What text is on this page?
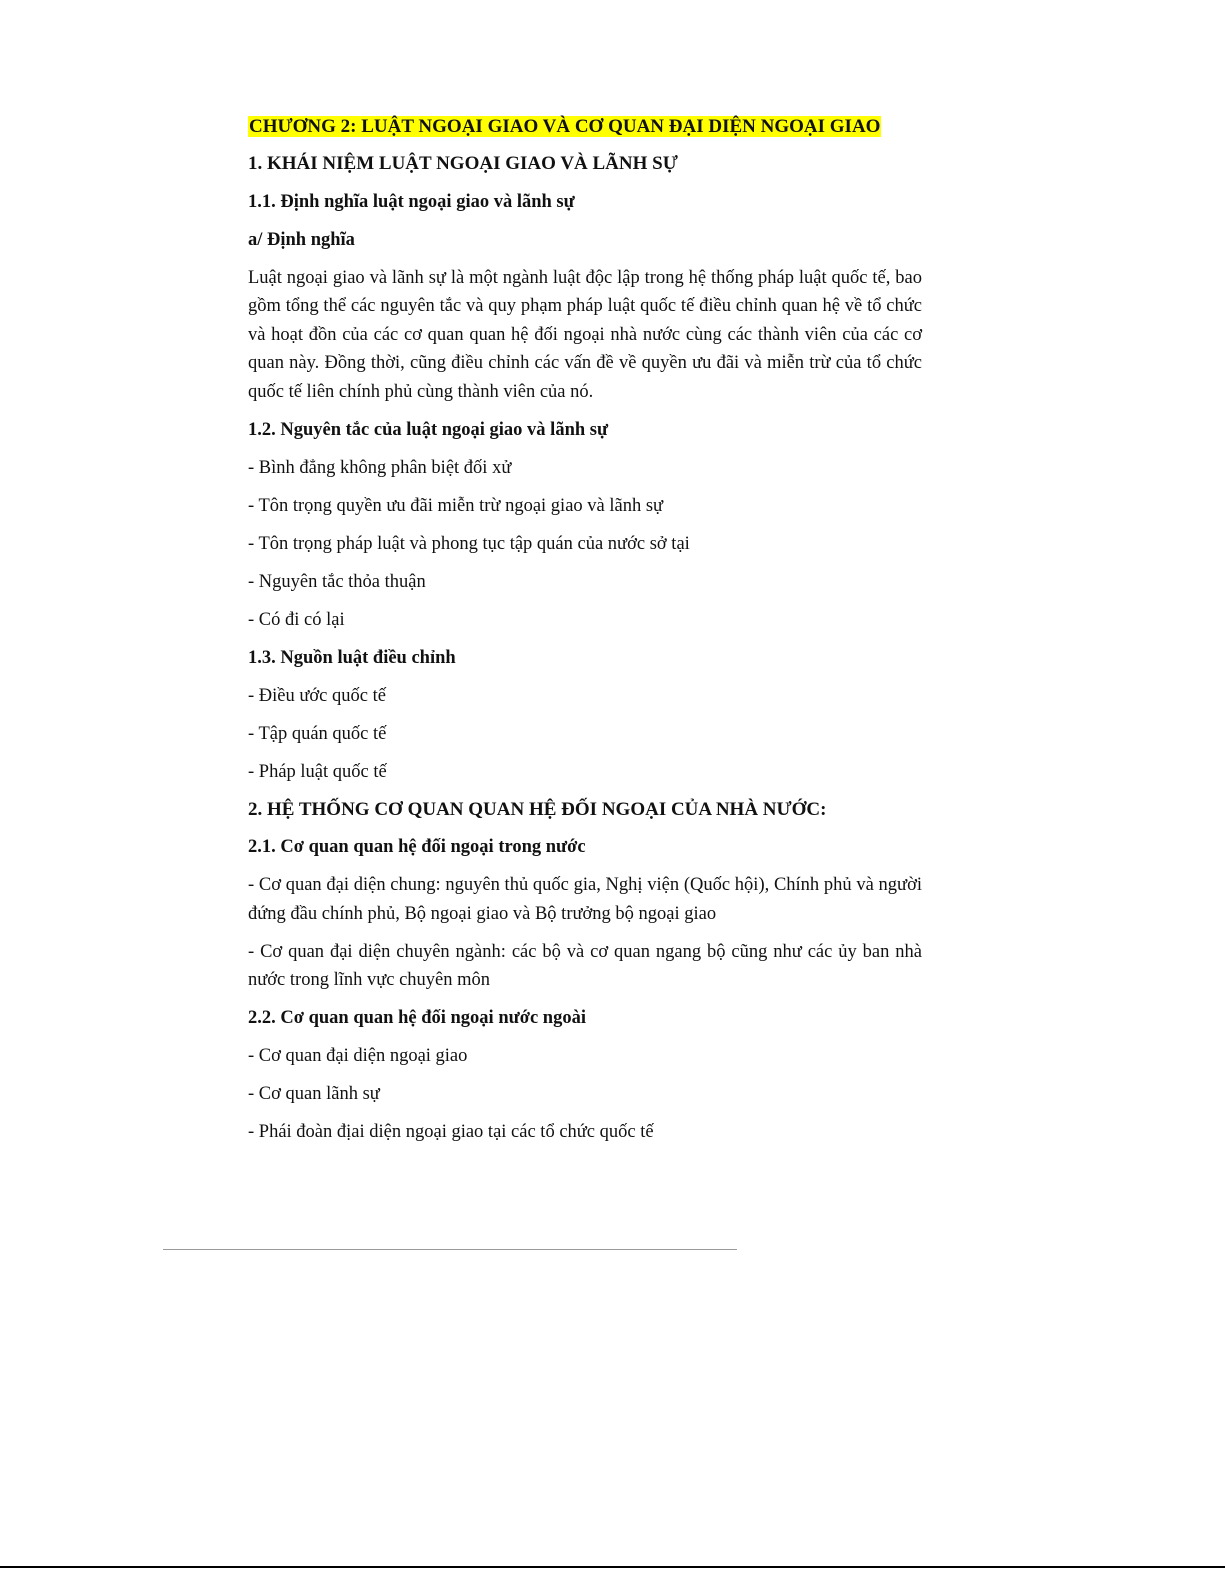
CHƯƠNG 2: LUẬT NGOẠI GIAO VÀ CƠ QUAN ĐẠI DIỆN NGOẠI GIAO
1. KHÁI NIỆM LUẬT NGOẠI GIAO VÀ LÃNH SỰ
1.1. Định nghĩa luật ngoại giao và lãnh sự
a/ Định nghĩa
Luật ngoại giao và lãnh sự là một ngành luật độc lập trong hệ thống pháp luật quốc tế, bao gồm tổng thể các nguyên tắc và quy phạm pháp luật quốc tế điều chỉnh quan hệ về tổ chức và hoạt đồn của các cơ quan quan hệ đối ngoại nhà nước cùng các thành viên của các cơ quan này. Đồng thời, cũng điều chỉnh các vấn đề về quyền ưu đãi và miễn trừ của tổ chức quốc tế liên chính phủ cùng thành viên của nó.
1.2. Nguyên tắc của luật ngoại giao và lãnh sự
- Bình đẳng không phân biệt đối xử
- Tôn trọng quyền ưu đãi miễn trừ ngoại giao và lãnh sự
- Tôn trọng pháp luật và phong tục tập quán của nước sở tại
- Nguyên tắc thỏa thuận
- Có đi có lại
1.3. Nguồn luật điều chỉnh
- Điều ước quốc tế
- Tập quán quốc tế
- Pháp luật quốc tế
2. HỆ THỐNG CƠ QUAN QUAN HỆ ĐỐI NGOẠI CỦA NHÀ NƯỚC:
2.1. Cơ quan quan hệ đối ngoại trong nước
- Cơ quan đại diện chung: nguyên thủ quốc gia, Nghị viện (Quốc hội), Chính phủ và người đứng đầu chính phủ, Bộ ngoại giao và Bộ trưởng bộ ngoại giao
- Cơ quan đại diện chuyên ngành: các bộ và cơ quan ngang bộ cũng như các ủy ban nhà nước trong lĩnh vực chuyên môn
2.2. Cơ quan quan hệ đối ngoại nước ngoài
- Cơ quan đại diện ngoại giao
- Cơ quan lãnh sự
- Phái đoàn địai diện ngoại giao tại các tổ chức quốc tế
